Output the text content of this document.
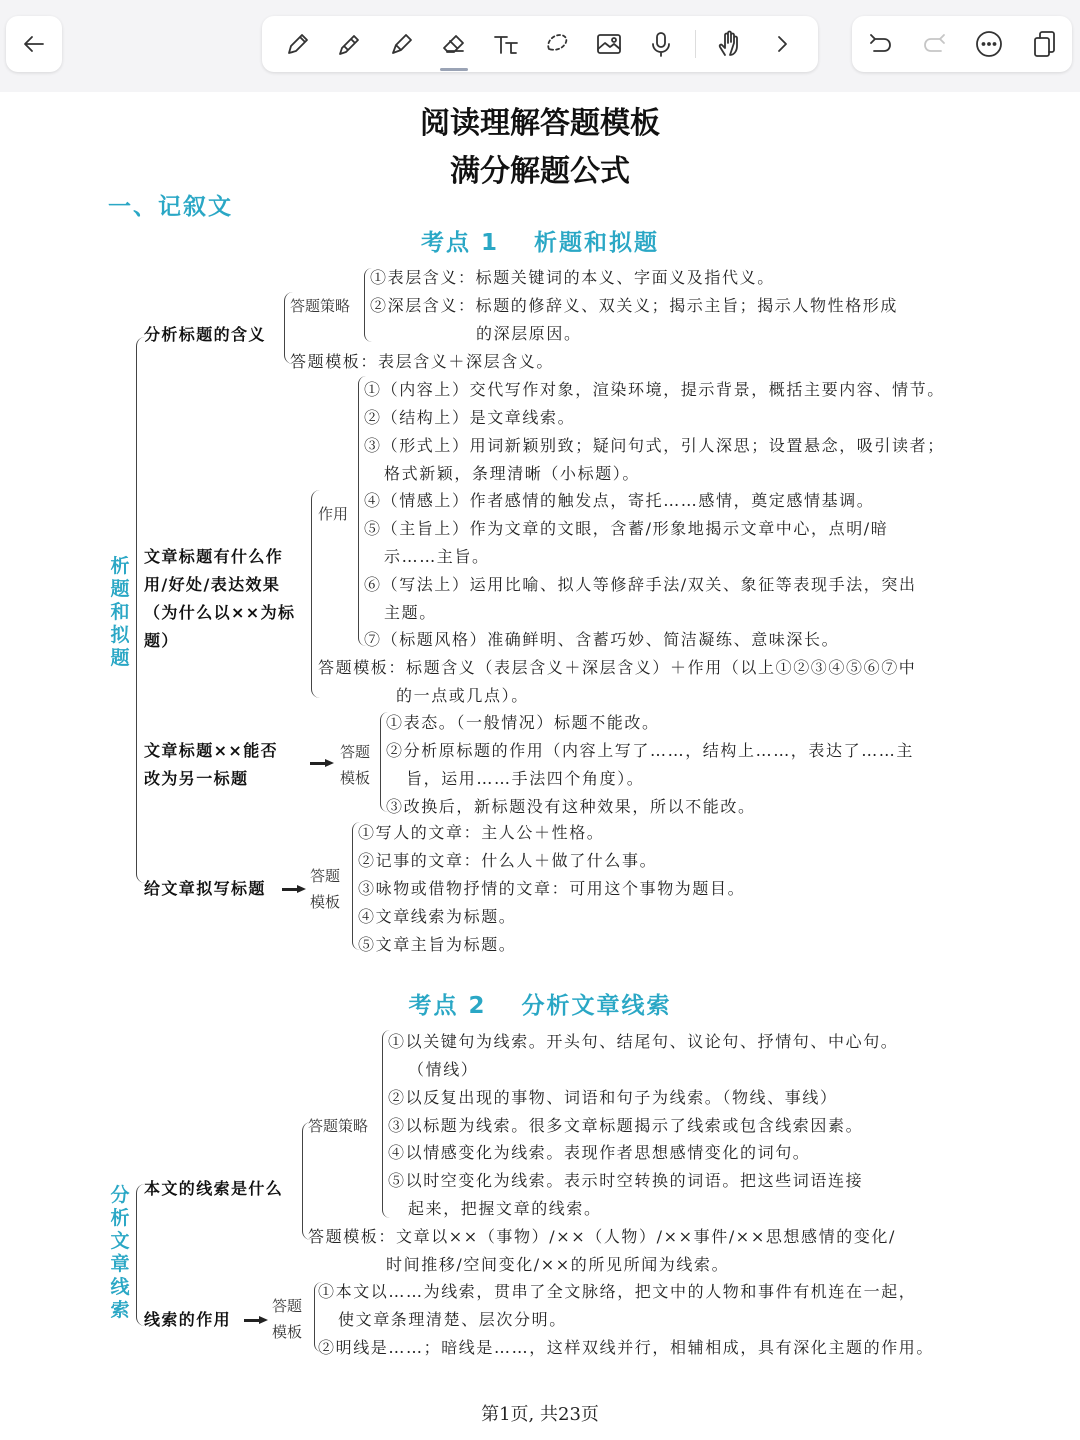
阅读理解答题模板
满分解题公式
一、记叙文
考点 1　 析题和拟题
析题和拟题
分析标题的含义
答题策略
①表层含义：标题关键词的本义、字面义及指代义。
②深层含义：标题的修辞义、双关义；揭示主旨；揭示人物性格形成
的深层原因。
答题模板：表层含义＋深层含义。
文章标题有什么作
用/好处/表达效果
（为什么以××为标
题）
作用
①（内容上）交代写作对象，渲染环境，提示背景，概括主要内容、情节。
②（结构上）是文章线索。
③（形式上）用词新颖别致；疑问句式，引人深思；设置悬念，吸引读者；
格式新颖，条理清晰（小标题）。
④（情感上）作者感情的触发点，寄托……感情，奠定感情基调。
⑤（主旨上）作为文章的文眼，含蓄/形象地揭示文章中心，点明/暗
示……主旨。
⑥（写法上）运用比喻、拟人等修辞手法/双关、象征等表现手法，突出
主题。
⑦（标题风格）准确鲜明、含蓄巧妙、简洁凝练、意味深长。
答题模板：标题含义（表层含义＋深层含义）＋作用（以上①②③④⑤⑥⑦中
的一点或几点）。
文章标题××能否
改为另一标题
答题
模板
①表态。（一般情况）标题不能改。
②分析原标题的作用（内容上写了……，结构上……，表达了……主
旨，运用……手法四个角度）。
③改换后，新标题没有这种效果，所以不能改。
给文章拟写标题
答题
模板
①写人的文章：主人公＋性格。
②记事的文章：什么人＋做了什么事。
③咏物或借物抒情的文章：可用这个事物为题目。
④文章线索为标题。
⑤文章主旨为标题。
考点 2　 分析文章线索
分析文章线索
本文的线索是什么
答题策略
①以关键句为线索。开头句、结尾句、议论句、抒情句、中心句。
（情线）
②以反复出现的事物、词语和句子为线索。（物线、事线）
③以标题为线索。很多文章标题揭示了线索或包含线索因素。
④以情感变化为线索。表现作者思想感情变化的词句。
⑤以时空变化为线索。表示时空转换的词语。把这些词语连接
起来，把握文章的线索。
答题模板：文章以××（事物）/××（人物）/××事件/××思想感情的变化/
时间推移/空间变化/××的所见所闻为线索。
线索的作用
答题
模板
①本文以……为线索，贯串了全文脉络，把文中的人物和事件有机连在一起，
使文章条理清楚、层次分明。
②明线是……；暗线是……，这样双线并行，相辅相成，具有深化主题的作用。
第1页, 共23页
